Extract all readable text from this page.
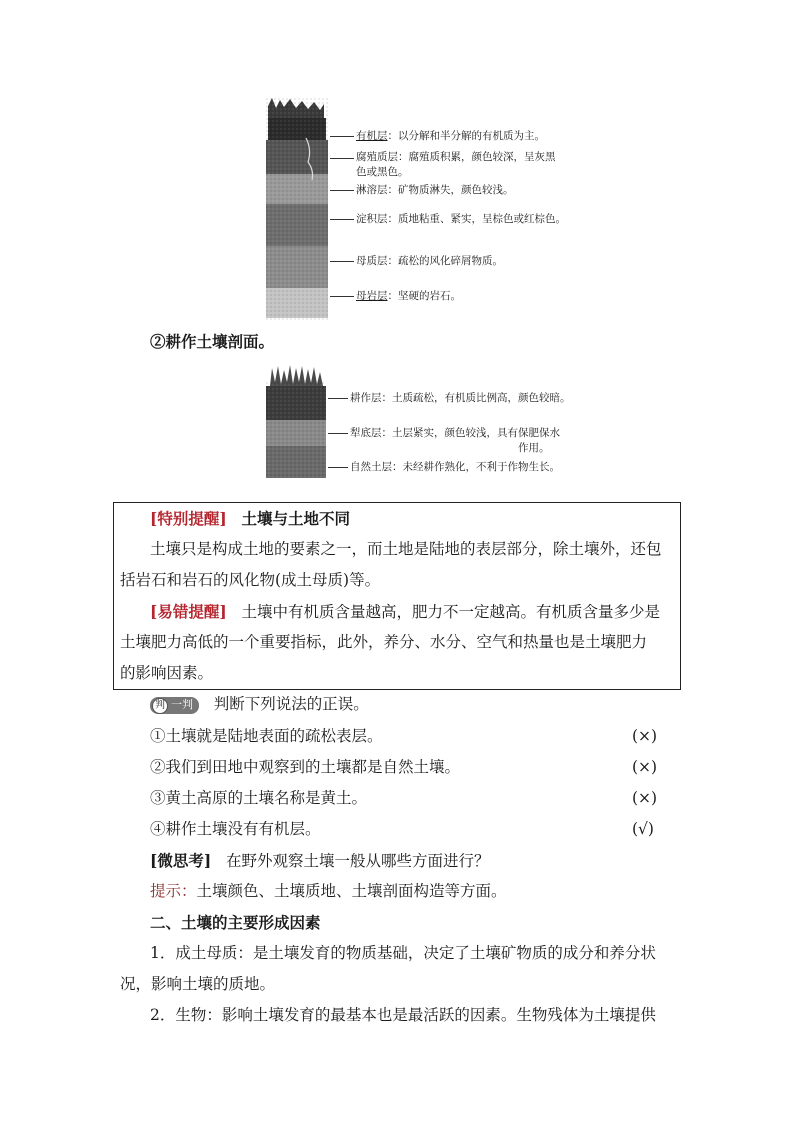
有机层：以分解和半分解的有机质为主。
腐殖质层：腐殖质积累，颜色较深，呈灰黑
色或黑色。
淋溶层：矿物质淋失，颜色较浅。
淀积层：质地粘重、紧实，呈棕色或红棕色。
母质层：疏松的风化碎屑物质。
母岩层：坚硬的岩石。
②耕作土壤剖面。
耕作层：土质疏松，有机质比例高，颜色较暗。
犁底层：土层紧实，颜色较浅，具有保肥保水
作用。
自然土层：未经耕作熟化，不利于作物生长。
[特别提醒] 土壤与土地不同
土壤只是构成土地的要素之一，而土地是陆地的表层部分，除土壤外，还包
括岩石和岩石的风化物(成土母质)等。
[易错提醒] 土壤中有机质含量越高，肥力不一定越高。有机质含量多少是
土壤肥力高低的一个重要指标，此外，养分、水分、空气和热量也是土壤肥力
的影响因素。
判 一判 判断下列说法的正误。
①土壤就是陆地表面的疏松表层。	(×)
②我们到田地中观察到的土壤都是自然土壤。	(×)
③黄土高原的土壤名称是黄土。	(×)
④耕作土壤没有有机层。	(√)
[微思考] 在野外观察土壤一般从哪些方面进行？
提示：土壤颜色、土壤质地、土壤剖面构造等方面。
二、土壤的主要形成因素
1．成土母质：是土壤发育的物质基础，决定了土壤矿物质的成分和养分状
况，影响土壤的质地。
2．生物：影响土壤发育的最基本也是最活跃的因素。生物残体为土壤提供
